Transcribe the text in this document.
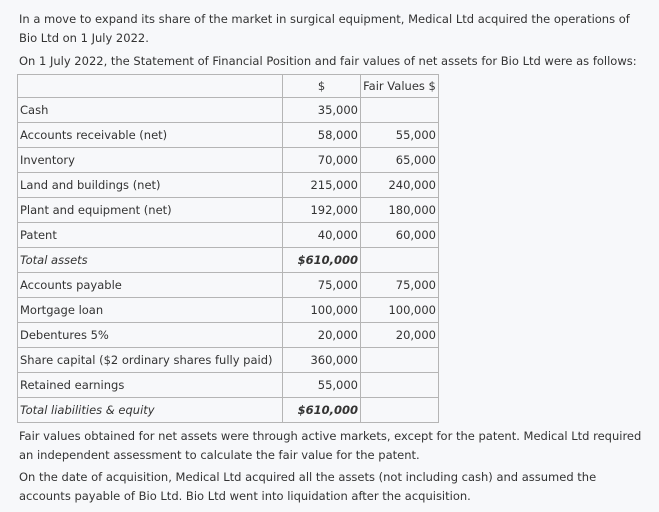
In a move to expand its share of the market in surgical equipment, Medical Ltd acquired the operations of Bio Ltd on 1 July 2022.

On 1 July 2022, the Statement of Financial Position and fair values of net assets for Bio Ltd were as follows:

	$	Fair Values $
Cash	35,000	
Accounts receivable (net)	58,000	55,000
Inventory	70,000	65,000
Land and buildings (net)	215,000	240,000
Plant and equipment (net)	192,000	180,000
Patent	40,000	60,000
Total assets	$610,000	
Accounts payable	75,000	75,000
Mortgage loan	100,000	100,000
Debentures 5%	20,000	20,000
Share capital ($2 ordinary shares fully paid)	360,000	
Retained earnings	55,000	
Total liabilities & equity	$610,000	

Fair values obtained for net assets were through active markets, except for the patent. Medical Ltd required an independent assessment to calculate the fair value for the patent.

On the date of acquisition, Medical Ltd acquired all the assets (not including cash) and assumed the accounts payable of Bio Ltd. Bio Ltd went into liquidation after the acquisition.
